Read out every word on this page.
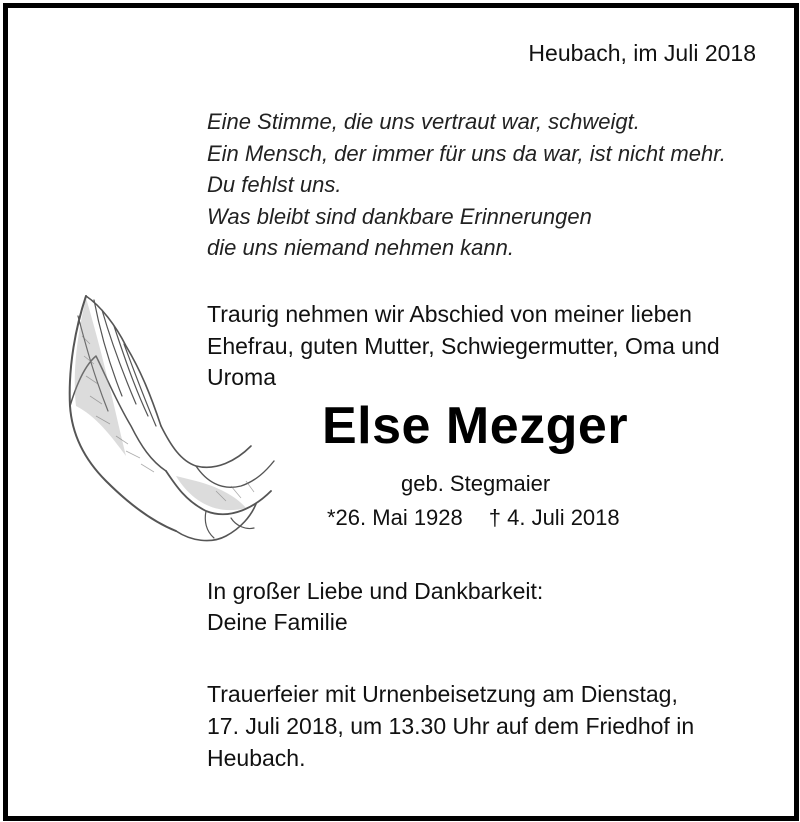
Heubach, im Juli 2018
Eine Stimme, die uns vertraut war, schweigt.
Ein Mensch, der immer für uns da war, ist nicht mehr.
Du fehlst uns.
Was bleibt sind dankbare Erinnerungen
die uns niemand nehmen kann.
Traurig nehmen wir Abschied von meiner lieben
Ehefrau, guten Mutter, Schwiegermutter, Oma und
Uroma
Else Mezger
geb. Stegmaier
*26. Mai 1928 † 4. Juli 2018
In großer Liebe und Dankbarkeit:
Deine Familie
Trauerfeier mit Urnenbeisetzung am Dienstag,
17. Juli 2018, um 13.30 Uhr auf dem Friedhof in
Heubach.
